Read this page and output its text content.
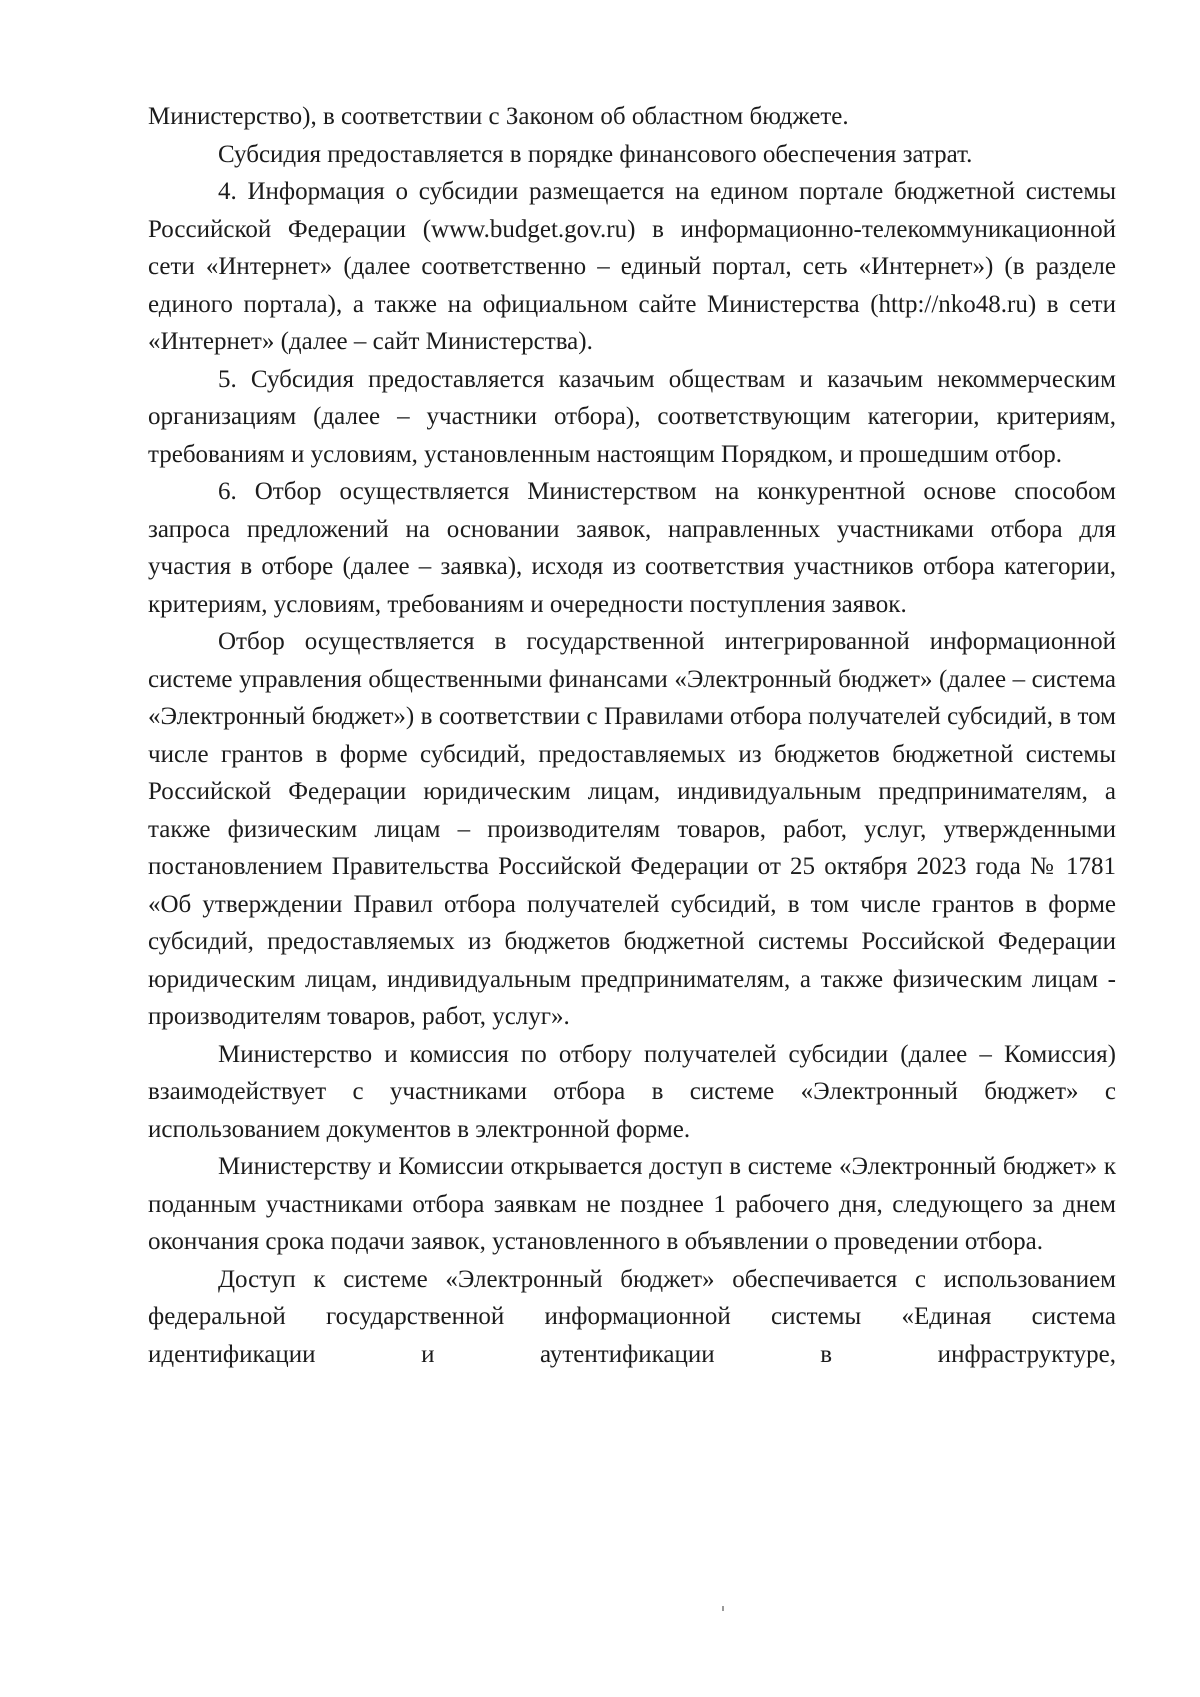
Министерство), в соответствии с Законом об областном бюджете.

Субсидия предоставляется в порядке финансового обеспечения затрат.

4. Информация о субсидии размещается на едином портале бюджетной системы Российской Федерации (www.budget.gov.ru) в информационно-телекоммуникационной сети «Интернет» (далее соответственно – единый портал, сеть «Интернет») (в разделе единого портала), а также на официальном сайте Министерства (http://nko48.ru) в сети «Интернет» (далее – сайт Министерства).

5. Субсидия предоставляется казачьим обществам и казачьим некоммерческим организациям (далее – участники отбора), соответствующим категории, критериям, требованиям и условиям, установленным настоящим Порядком, и прошедшим отбор.

6. Отбор осуществляется Министерством на конкурентной основе способом запроса предложений на основании заявок, направленных участниками отбора для участия в отборе (далее – заявка), исходя из соответствия участников отбора категории, критериям, условиям, требованиям и очередности поступления заявок.

Отбор осуществляется в государственной интегрированной информационной системе управления общественными финансами «Электронный бюджет» (далее – система «Электронный бюджет») в соответствии с Правилами отбора получателей субсидий, в том числе грантов в форме субсидий, предоставляемых из бюджетов бюджетной системы Российской Федерации юридическим лицам, индивидуальным предпринимателям, а также физическим лицам – производителям товаров, работ, услуг, утвержденными постановлением Правительства Российской Федерации от 25 октября 2023 года № 1781 «Об утверждении Правил отбора получателей субсидий, в том числе грантов в форме субсидий, предоставляемых из бюджетов бюджетной системы Российской Федерации юридическим лицам, индивидуальным предпринимателям, а также физическим лицам - производителям товаров, работ, услуг».

Министерство и комиссия по отбору получателей субсидии (далее – Комиссия) взаимодействует с участниками отбора в системе «Электронный бюджет» с использованием документов в электронной форме.

Министерству и Комиссии открывается доступ в системе «Электронный бюджет» к поданным участниками отбора заявкам не позднее 1 рабочего дня, следующего за днем окончания срока подачи заявок, установленного в объявлении о проведении отбора.

Доступ к системе «Электронный бюджет» обеспечивается с использованием федеральной государственной информационной системы «Единая система идентификации и аутентификации в инфраструктуре,
